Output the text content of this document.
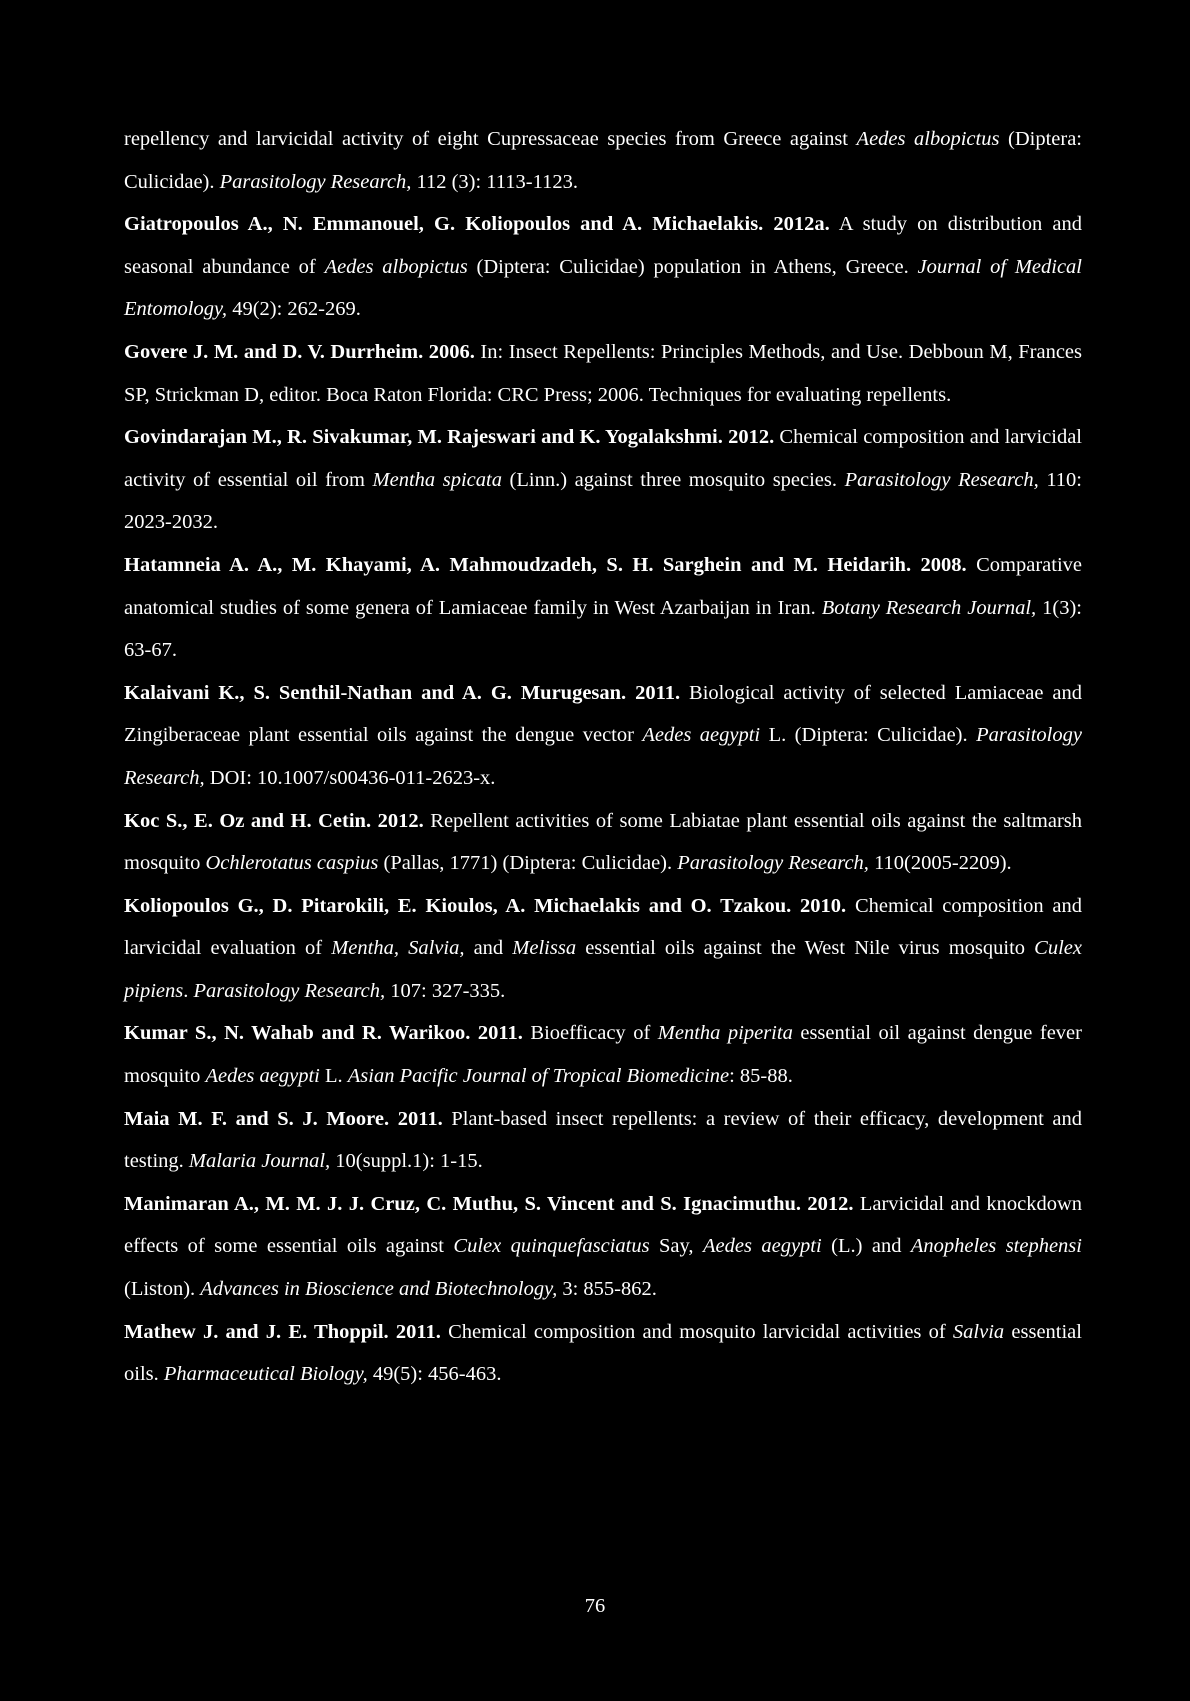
repellency and larvicidal activity of eight Cupressaceae species from Greece against Aedes albopictus (Diptera: Culicidae). Parasitology Research, 112 (3): 1113-1123.

Giatropoulos A., N. Emmanouel, G. Koliopoulos and A. Michaelakis. 2012a. A study on distribution and seasonal abundance of Aedes albopictus (Diptera: Culicidae) population in Athens, Greece. Journal of Medical Entomology, 49(2): 262-269.

Govere J. M. and D. V. Durrheim. 2006. In: Insect Repellents: Principles Methods, and Use. Debboun M, Frances SP, Strickman D, editor. Boca Raton Florida: CRC Press; 2006. Techniques for evaluating repellents.

Govindarajan M., R. Sivakumar, M. Rajeswari and K. Yogalakshmi. 2012. Chemical composition and larvicidal activity of essential oil from Mentha spicata (Linn.) against three mosquito species. Parasitology Research, 110: 2023-2032.

Hatamneia A. A., M. Khayami, A. Mahmoudzadeh, S. H. Sarghein and M. Heidarih. 2008. Comparative anatomical studies of some genera of Lamiaceae family in West Azarbaijan in Iran. Botany Research Journal, 1(3): 63-67.

Kalaivani K., S. Senthil-Nathan and A. G. Murugesan. 2011. Biological activity of selected Lamiaceae and Zingiberaceae plant essential oils against the dengue vector Aedes aegypti L. (Diptera: Culicidae). Parasitology Research, DOI: 10.1007/s00436-011-2623-x.

Koc S., E. Oz and H. Cetin. 2012. Repellent activities of some Labiatae plant essential oils against the saltmarsh mosquito Ochlerotatus caspius (Pallas, 1771) (Diptera: Culicidae). Parasitology Research, 110(2005-2209).

Koliopoulos G., D. Pitarokili, E. Kioulos, A. Michaelakis and O. Tzakou. 2010. Chemical composition and larvicidal evaluation of Mentha, Salvia, and Melissa essential oils against the West Nile virus mosquito Culex pipiens. Parasitology Research, 107: 327-335.

Kumar S., N. Wahab and R. Warikoo. 2011. Bioefficacy of Mentha piperita essential oil against dengue fever mosquito Aedes aegypti L. Asian Pacific Journal of Tropical Biomedicine: 85-88.

Maia M. F. and S. J. Moore. 2011. Plant-based insect repellents: a review of their efficacy, development and testing. Malaria Journal, 10(suppl.1): 1-15.

Manimaran A., M. M. J. J. Cruz, C. Muthu, S. Vincent and S. Ignacimuthu. 2012. Larvicidal and knockdown effects of some essential oils against Culex quinquefasciatus Say, Aedes aegypti (L.) and Anopheles stephensi (Liston). Advances in Bioscience and Biotechnology, 3: 855-862.

Mathew J. and J. E. Thoppil. 2011. Chemical composition and mosquito larvicidal activities of Salvia essential oils. Pharmaceutical Biology, 49(5): 456-463.

76
